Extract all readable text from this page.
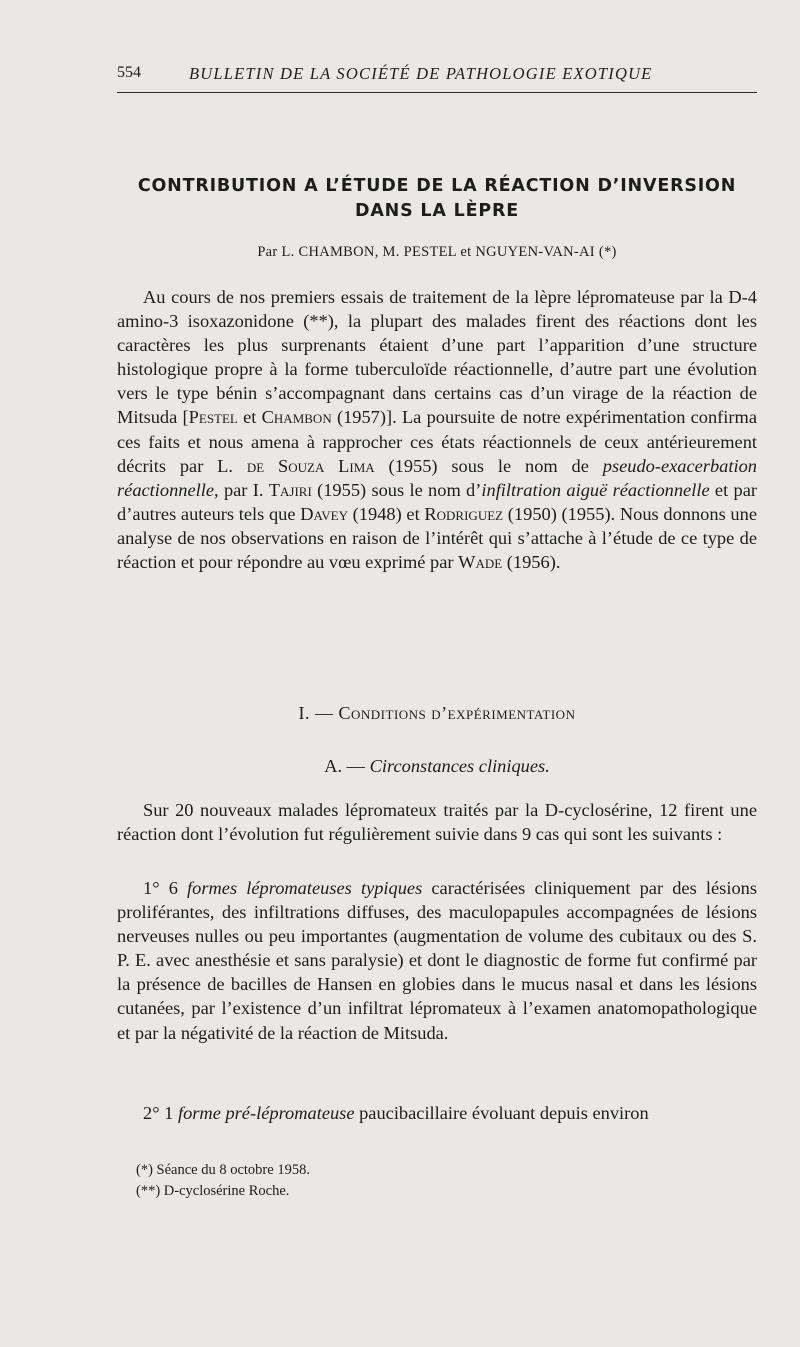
554	BULLETIN DE LA SOCIÉTÉ DE PATHOLOGIE EXOTIQUE
CONTRIBUTION A L’ÉTUDE DE LA RÉACTION D’INVERSION
DANS LA LÈPRE
Par L. CHAMBON, M. PESTEL et NGUYEN-VAN-AI (*)

Au cours de nos premiers essais de traitement de la lèpre lépromateuse par la D-4 amino-3 isoxazonidone (**), la plupart des malades firent des réactions dont les caractères les plus surprenants étaient d’une part l’apparition d’une structure histologique propre à la forme tuberculoïde réactionnelle, d’autre part une évolution vers le type bénin s’accompagnant dans certains cas d’un virage de la réaction de Mitsuda [Pestel et Chambon (1957)]. La poursuite de notre expérimentation confirma ces faits et nous amena à rapprocher ces états réactionnels de ceux antérieurement décrits par L. de Souza Lima (1955) sous le nom de pseudo-exacerbation réactionnelle, par I. Tajiri (1955) sous le nom d’infiltration aiguë réactionnelle et par d’autres auteurs tels que Davey (1948) et Rodriguez (1950) (1955). Nous donnons une analyse de nos observations en raison de l’intérêt qui s’attache à l’étude de ce type de réaction et pour répondre au vœu exprimé par Wade (1956).

I. — Conditions d’expérimentation
A. — Circonstances cliniques.

Sur 20 nouveaux malades lépromateux traités par la D-cyclosérine, 12 firent une réaction dont l’évolution fut régulièrement suivie dans 9 cas qui sont les suivants :

1° 6 formes lépromateuses typiques caractérisées cliniquement par des lésions proliférantes, des infiltrations diffuses, des maculopapules accompagnées de lésions nerveuses nulles ou peu importantes (augmentation de volume des cubitaux ou des S. P. E. avec anesthésie et sans paralysie) et dont le diagnostic de forme fut confirmé par la présence de bacilles de Hansen en globies dans le mucus nasal et dans les lésions cutanées, par l’existence d’un infiltrat lépromateux à l’examen anatomopathologique et par la négativité de la réaction de Mitsuda.

2° 1 forme pré-lépromateuse paucibacillaire évoluant depuis environ

(*) Séance du 8 octobre 1958.
(**) D-cyclosérine Roche.
